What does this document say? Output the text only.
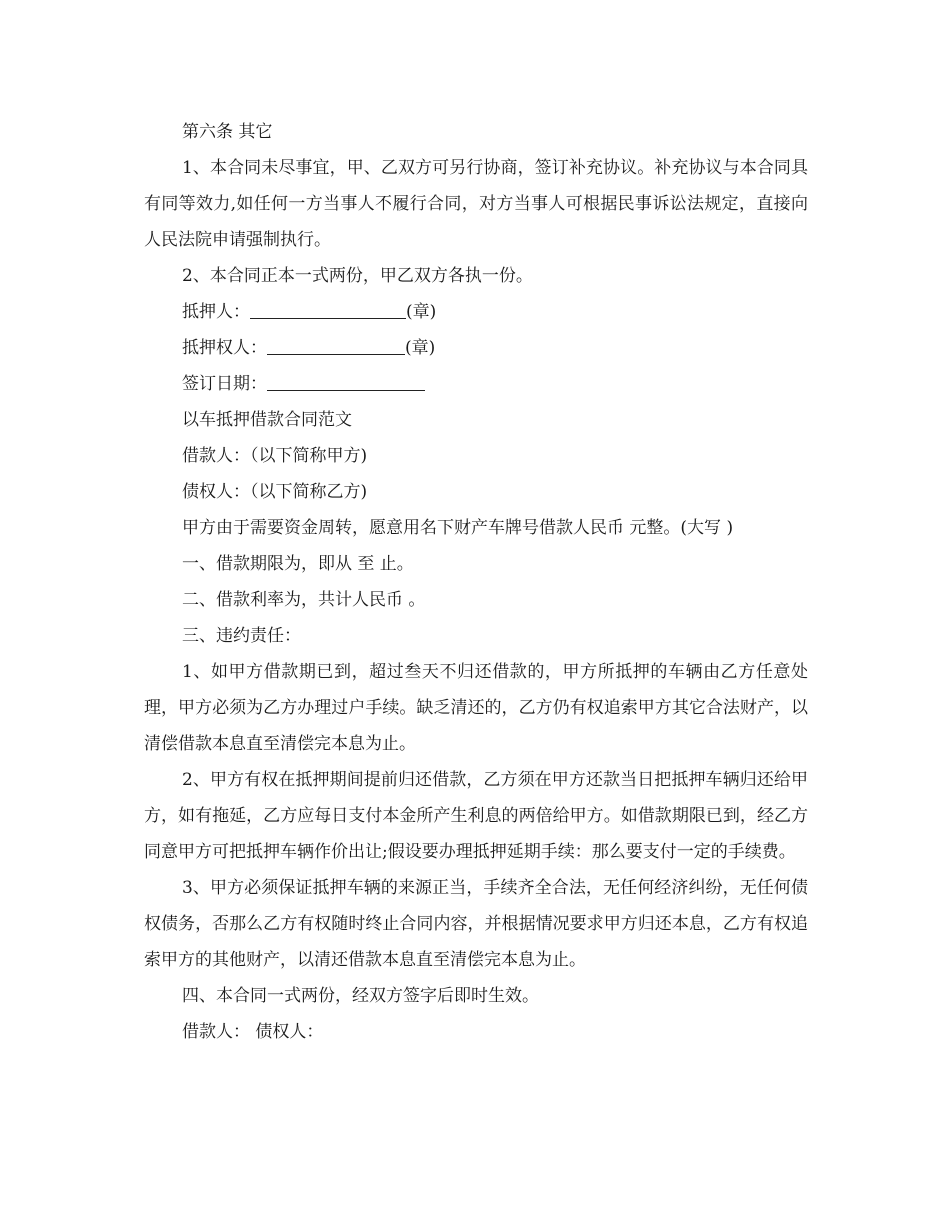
第六条 其它

1、本合同未尽事宜，甲、乙双方可另行协商，签订补充协议。补充协议与本合同具有同等效力,如任何一方当事人不履行合同，对方当事人可根据民事诉讼法规定，直接向人民法院申请强制执行。

2、本合同正本一式两份，甲乙双方各执一份。

抵押人：	(章)

抵押权人：	(章)

签订日期：

以车抵押借款合同范文

借款人：（以下简称甲方)

债权人：（以下简称乙方)

甲方由于需要资金周转，愿意用名下财产车牌号借款人民币 元整。(大写 )

一、借款期限为，即从 至 止。

二、借款利率为，共计人民币 。

三、违约责任：

1、如甲方借款期已到，超过叁天不归还借款的，甲方所抵押的车辆由乙方任意处理，甲方必须为乙方办理过户手续。缺乏清还的，乙方仍有权追索甲方其它合法财产，以清偿借款本息直至清偿完本息为止。

2、甲方有权在抵押期间提前归还借款，乙方须在甲方还款当日把抵押车辆归还给甲方，如有拖延，乙方应每日支付本金所产生利息的两倍给甲方。如借款期限已到，经乙方同意甲方可把抵押车辆作价出让;假设要办理抵押延期手续：那么要支付一定的手续费。

3、甲方必须保证抵押车辆的来源正当，手续齐全合法，无任何经济纠纷，无任何债权债务，否那么乙方有权随时终止合同内容，并根据情况要求甲方归还本息，乙方有权追索甲方的其他财产，以清还借款本息直至清偿完本息为止。

四、本合同一式两份，经双方签字后即时生效。

借款人： 债权人：
